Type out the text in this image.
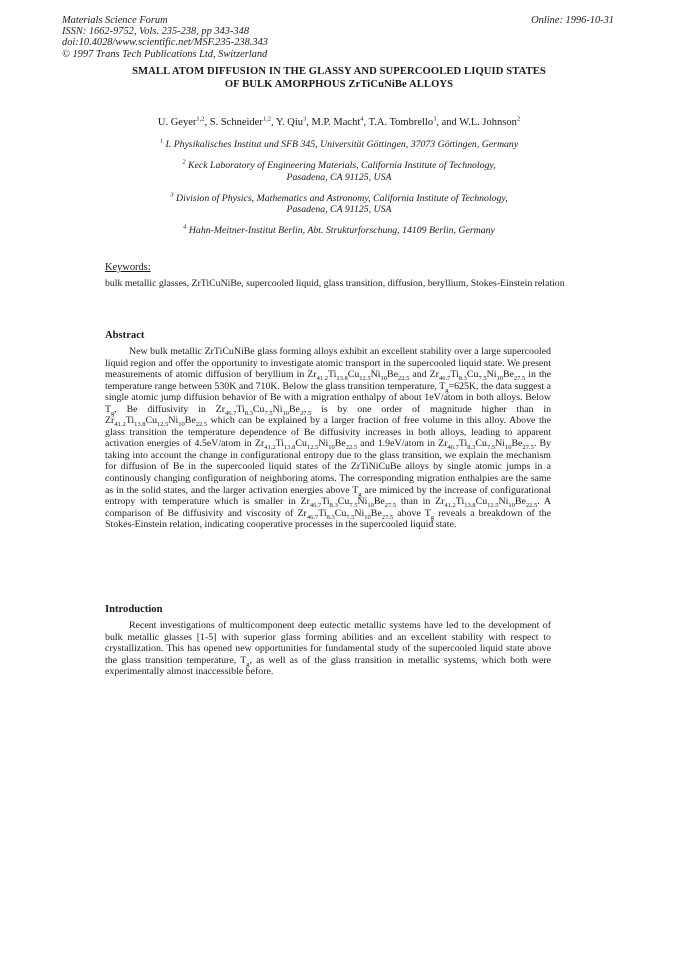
Materials Science Forum
ISSN: 1662-9752, Vols. 235-238, pp 343-348
doi:10.4028/www.scientific.net/MSF.235-238.343
© 1997 Trans Tech Publications Ltd, Switzerland
Online: 1996-10-31
SMALL ATOM DIFFUSION IN THE GLASSY AND SUPERCOOLED LIQUID STATES
OF BULK AMORPHOUS ZrTiCuNiBe ALLOYS
U. Geyer$^{1,2}$, S. Schneider$^{1,2}$, Y. Qiu$^3$, M.P. Macht$^4$, T.A. Tombrello$^3$, and W.L. Johnson$^2$
$^1$ I. Physikalisches Institut und SFB 345, Universität Göttingen, 37073 Göttingen, Germany
$^2$ Keck Laboratory of Engineering Materials, California Institute of Technology,
Pasadena, CA 91125, USA
$^3$ Division of Physics, Mathematics and Astronomy, California Institute of Technology,
Pasadena, CA 91125, USA
$^4$ Hahn-Meitner-Institut Berlin, Abt. Strukturforschung, 14109 Berlin, Germany
Keywords:
bulk metallic glasses, ZrTiCuNiBe, supercooled liquid, glass transition, diffusion, beryllium, Stokes-Einstein relation
Abstract
New bulk metallic ZrTiCuNiBe glass forming alloys exhibit an excellent stability over a large supercooled liquid region and offer the opportunity to investigate atomic transport in the supercooled liquid state. We present measurements of atomic diffusion of beryllium in $Zr_{41.2}Ti_{13.8}Cu_{12.5}Ni_{10}Be_{22.5}$ and $Zr_{46.7}Ti_{8.3}Cu_{7.5}Ni_{10}Be_{27.5}$ in the temperature range between 530K and 710K. Below the glass transition temperature, $T_g=625K$, the data suggest a single atomic jump diffusion behavior of Be with a migration enthalpy of about 1eV/atom in both alloys. Below $T_g$, Be diffusivity in $Zr_{46.7}Ti_{8.3}Cu_{7.5}Ni_{10}Be_{27.5}$ is by one order of magnitude higher than in $Zr_{41.2}Ti_{13.8}Cu_{12.5}Ni_{10}Be_{22.5}$ which can be explained by a larger fraction of free volume in this alloy. Above the glass transition the temperature dependence of Be diffusivity increases in both alloys, leading to apparent activation energies of 4.5eV/atom in $Zr_{41.2}Ti_{13.8}Cu_{12.5}Ni_{10}Be_{22.5}$ and 1.9eV/atom in $Zr_{46.7}Ti_{8.3}Cu_{7.5}Ni_{10}Be_{27.5}$. By taking into account the change in configurational entropy due to the glass transition, we explain the mechanism for diffusion of Be in the supercooled liquid states of the ZrTiNiCuBe alloys by single atomic jumps in a continously changing configuration of neighboring atoms. The corresponding migration enthalpies are the same as in the solid states, and the larger activation energies above $T_g$ are mimiced by the increase of configurational entropy with temperature which is smaller in $Zr_{46.7}Ti_{8.3}Cu_{7.5}Ni_{10}Be_{27.5}$ than in $Zr_{41.2}Ti_{13.8}Cu_{12.5}Ni_{10}Be_{22.5}$. A comparison of Be diffusivity and viscosity of $Zr_{46.7}Ti_{8.3}Cu_{7.5}Ni_{10}Be_{27.5}$ above $T_g$ reveals a breakdown of the Stokes-Einstein relation, indicating cooperative processes in the supercooled liquid state.
Introduction
Recent investigations of multicomponent deep eutectic metallic systems have led to the development of bulk metallic glasses [1-5] with superior glass forming abilities and an excellent stability with respect to crystallization. This has opened new opportunities for fundamental study of the supercooled liquid state above the glass transition temperature, $T_g$, as well as of the glass transition in metallic systems, which both were experimentally almost inaccessible before.
